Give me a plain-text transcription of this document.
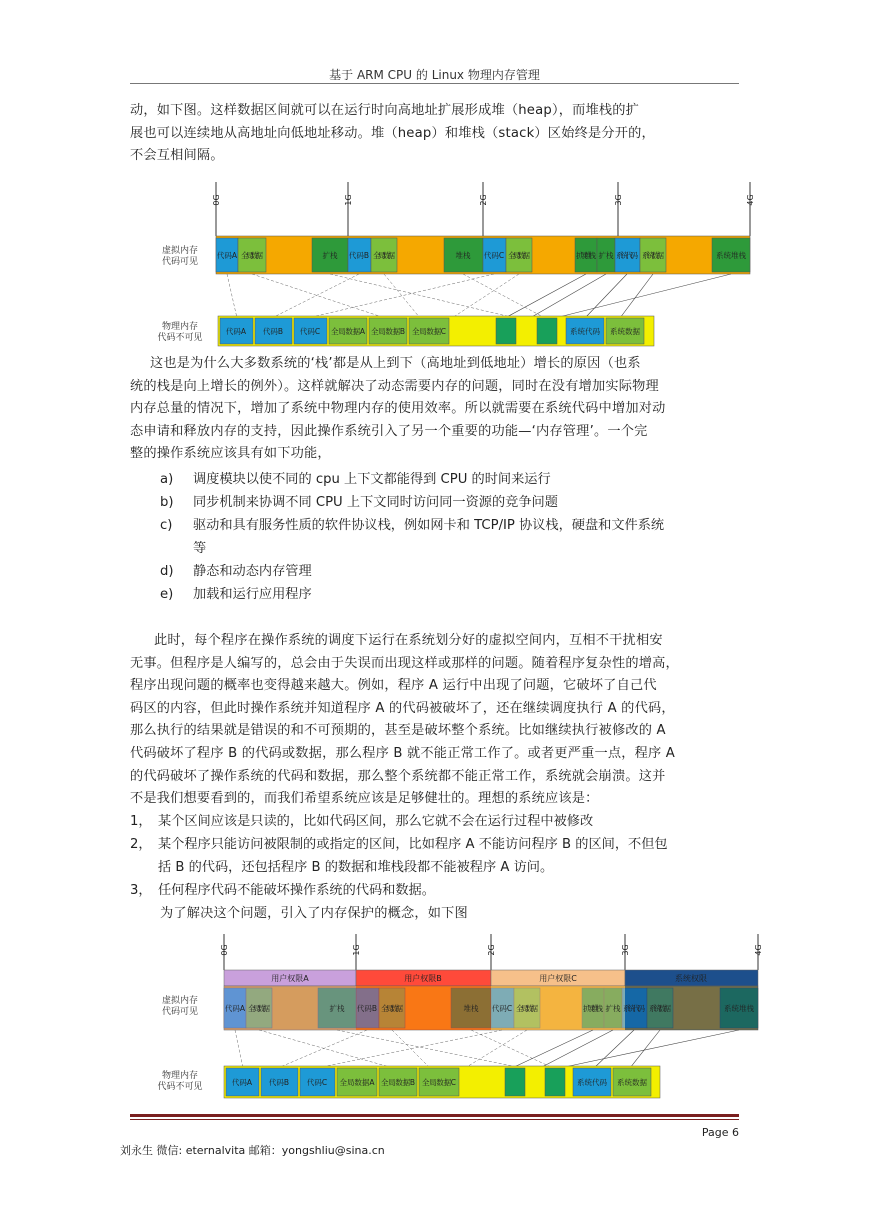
基于 ARM CPU 的 Linux 物理内存管理
动，如下图。这样数据区间就可以在运行时向高地址扩展形成堆（heap），而堆栈的扩
展也可以连续地从高地址向低地址移动。堆（heap）和堆栈（stack）区始终是分开的，
不会互相间隔。
虚拟内存
代码可见
物理内存
代码不可见
0G	1G	2G	3G	4G
代码A 全局数据	扩栈 代码B 全局数据	堆栈 代码C 全局数据	扩展堆栈 扩栈 系统代码 系统数据	系统堆栈
代码A 代码B 代码C 全局数据A 全局数据B 全局数据C	系统代码 系统数据
0G	1G	2G	3G	4G
用户权限A	用户权限B	用户权限C	系统权限
代码A 全局数据	扩栈 代码B 全局数据	堆栈 代码C 全局数据	扩展堆栈 扩栈 系统代码 系统数据	系统堆栈
代码A 代码B 代码C 全局数据A 全局数据B 全局数据C	系统代码 系统数据
这也是为什么大多数系统的‘栈’都是从上到下（高地址到低地址）增长的原因（也系
统的栈是向上增长的例外）。这样就解决了动态需要内存的问题，同时在没有增加实际物理
内存总量的情况下，增加了系统中物理内存的使用效率。所以就需要在系统代码中增加对动
态申请和释放内存的支持，因此操作系统引入了另一个重要的功能—‘内存管理’。一个完
整的操作系统应该具有如下功能，
a) 调度模块以使不同的 cpu 上下文都能得到 CPU 的时间来运行
b) 同步机制来协调不同 CPU 上下文同时访问同一资源的竞争问题
c) 驱动和具有服务性质的软件协议栈，例如网卡和 TCP/IP 协议栈，硬盘和文件系统
等
d) 静态和动态内存管理
e) 加载和运行应用程序
此时，每个程序在操作系统的调度下运行在系统划分好的虚拟空间内，互相不干扰相安
无事。但程序是人编写的，总会由于失误而出现这样或那样的问题。随着程序复杂性的增高，
程序出现问题的概率也变得越来越大。例如，程序 A 运行中出现了问题，它破坏了自己代
码区的内容，但此时操作系统并知道程序 A 的代码被破坏了，还在继续调度执行 A 的代码，
那么执行的结果就是错误的和不可预期的，甚至是破坏整个系统。比如继续执行被修改的 A
代码破坏了程序 B 的代码或数据，那么程序 B 就不能正常工作了。或者更严重一点，程序 A
的代码破坏了操作系统的代码和数据，那么整个系统都不能正常工作，系统就会崩溃。这并
不是我们想要看到的，而我们希望系统应该是足够健壮的。理想的系统应该是：
1， 某个区间应该是只读的，比如代码区间，那么它就不会在运行过程中被修改
2， 某个程序只能访问被限制的或指定的区间，比如程序 A 不能访问程序 B 的区间，不但包
括 B 的代码，还包括程序 B 的数据和堆栈段都不能被程序 A 访问。
3， 任何程序代码不能破坏操作系统的代码和数据。
为了解决这个问题，引入了内存保护的概念，如下图
虚拟内存
代码可见
物理内存
代码不可见
Page 6
刘永生 微信: eternalvita 邮箱：yongshliu@sina.cn
